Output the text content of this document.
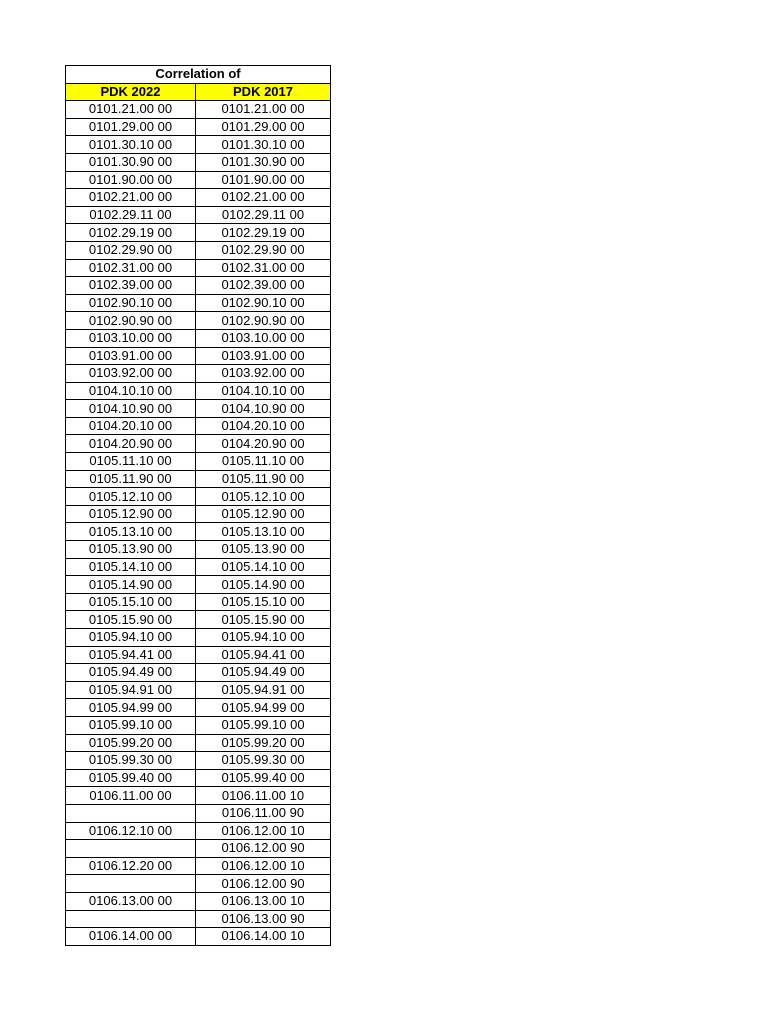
Correlation of	
PDK 2022	PDK 2017
0101.21.00 00	0101.21.00 00
0101.29.00 00	0101.29.00 00
0101.30.10 00	0101.30.10 00
0101.30.90 00	0101.30.90 00
0101.90.00 00	0101.90.00 00
0102.21.00 00	0102.21.00 00
0102.29.11 00	0102.29.11 00
0102.29.19 00	0102.29.19 00
0102.29.90 00	0102.29.90 00
0102.31.00 00	0102.31.00 00
0102.39.00 00	0102.39.00 00
0102.90.10 00	0102.90.10 00
0102.90.90 00	0102.90.90 00
0103.10.00 00	0103.10.00 00
0103.91.00 00	0103.91.00 00
0103.92.00 00	0103.92.00 00
0104.10.10 00	0104.10.10 00
0104.10.90 00	0104.10.90 00
0104.20.10 00	0104.20.10 00
0104.20.90 00	0104.20.90 00
0105.11.10 00	0105.11.10 00
0105.11.90 00	0105.11.90 00
0105.12.10 00	0105.12.10 00
0105.12.90 00	0105.12.90 00
0105.13.10 00	0105.13.10 00
0105.13.90 00	0105.13.90 00
0105.14.10 00	0105.14.10 00
0105.14.90 00	0105.14.90 00
0105.15.10 00	0105.15.10 00
0105.15.90 00	0105.15.90 00
0105.94.10 00	0105.94.10 00
0105.94.41 00	0105.94.41 00
0105.94.49 00	0105.94.49 00
0105.94.91 00	0105.94.91 00
0105.94.99 00	0105.94.99 00
0105.99.10 00	0105.99.10 00
0105.99.20 00	0105.99.20 00
0105.99.30 00	0105.99.30 00
0105.99.40 00	0105.99.40 00
0106.11.00 00	0106.11.00 10
	0106.11.00 90
0106.12.10 00	0106.12.00 10
	0106.12.00 90
0106.12.20 00	0106.12.00 10
	0106.12.00 90
0106.13.00 00	0106.13.00 10
	0106.13.00 90
0106.14.00 00	0106.14.00 10
